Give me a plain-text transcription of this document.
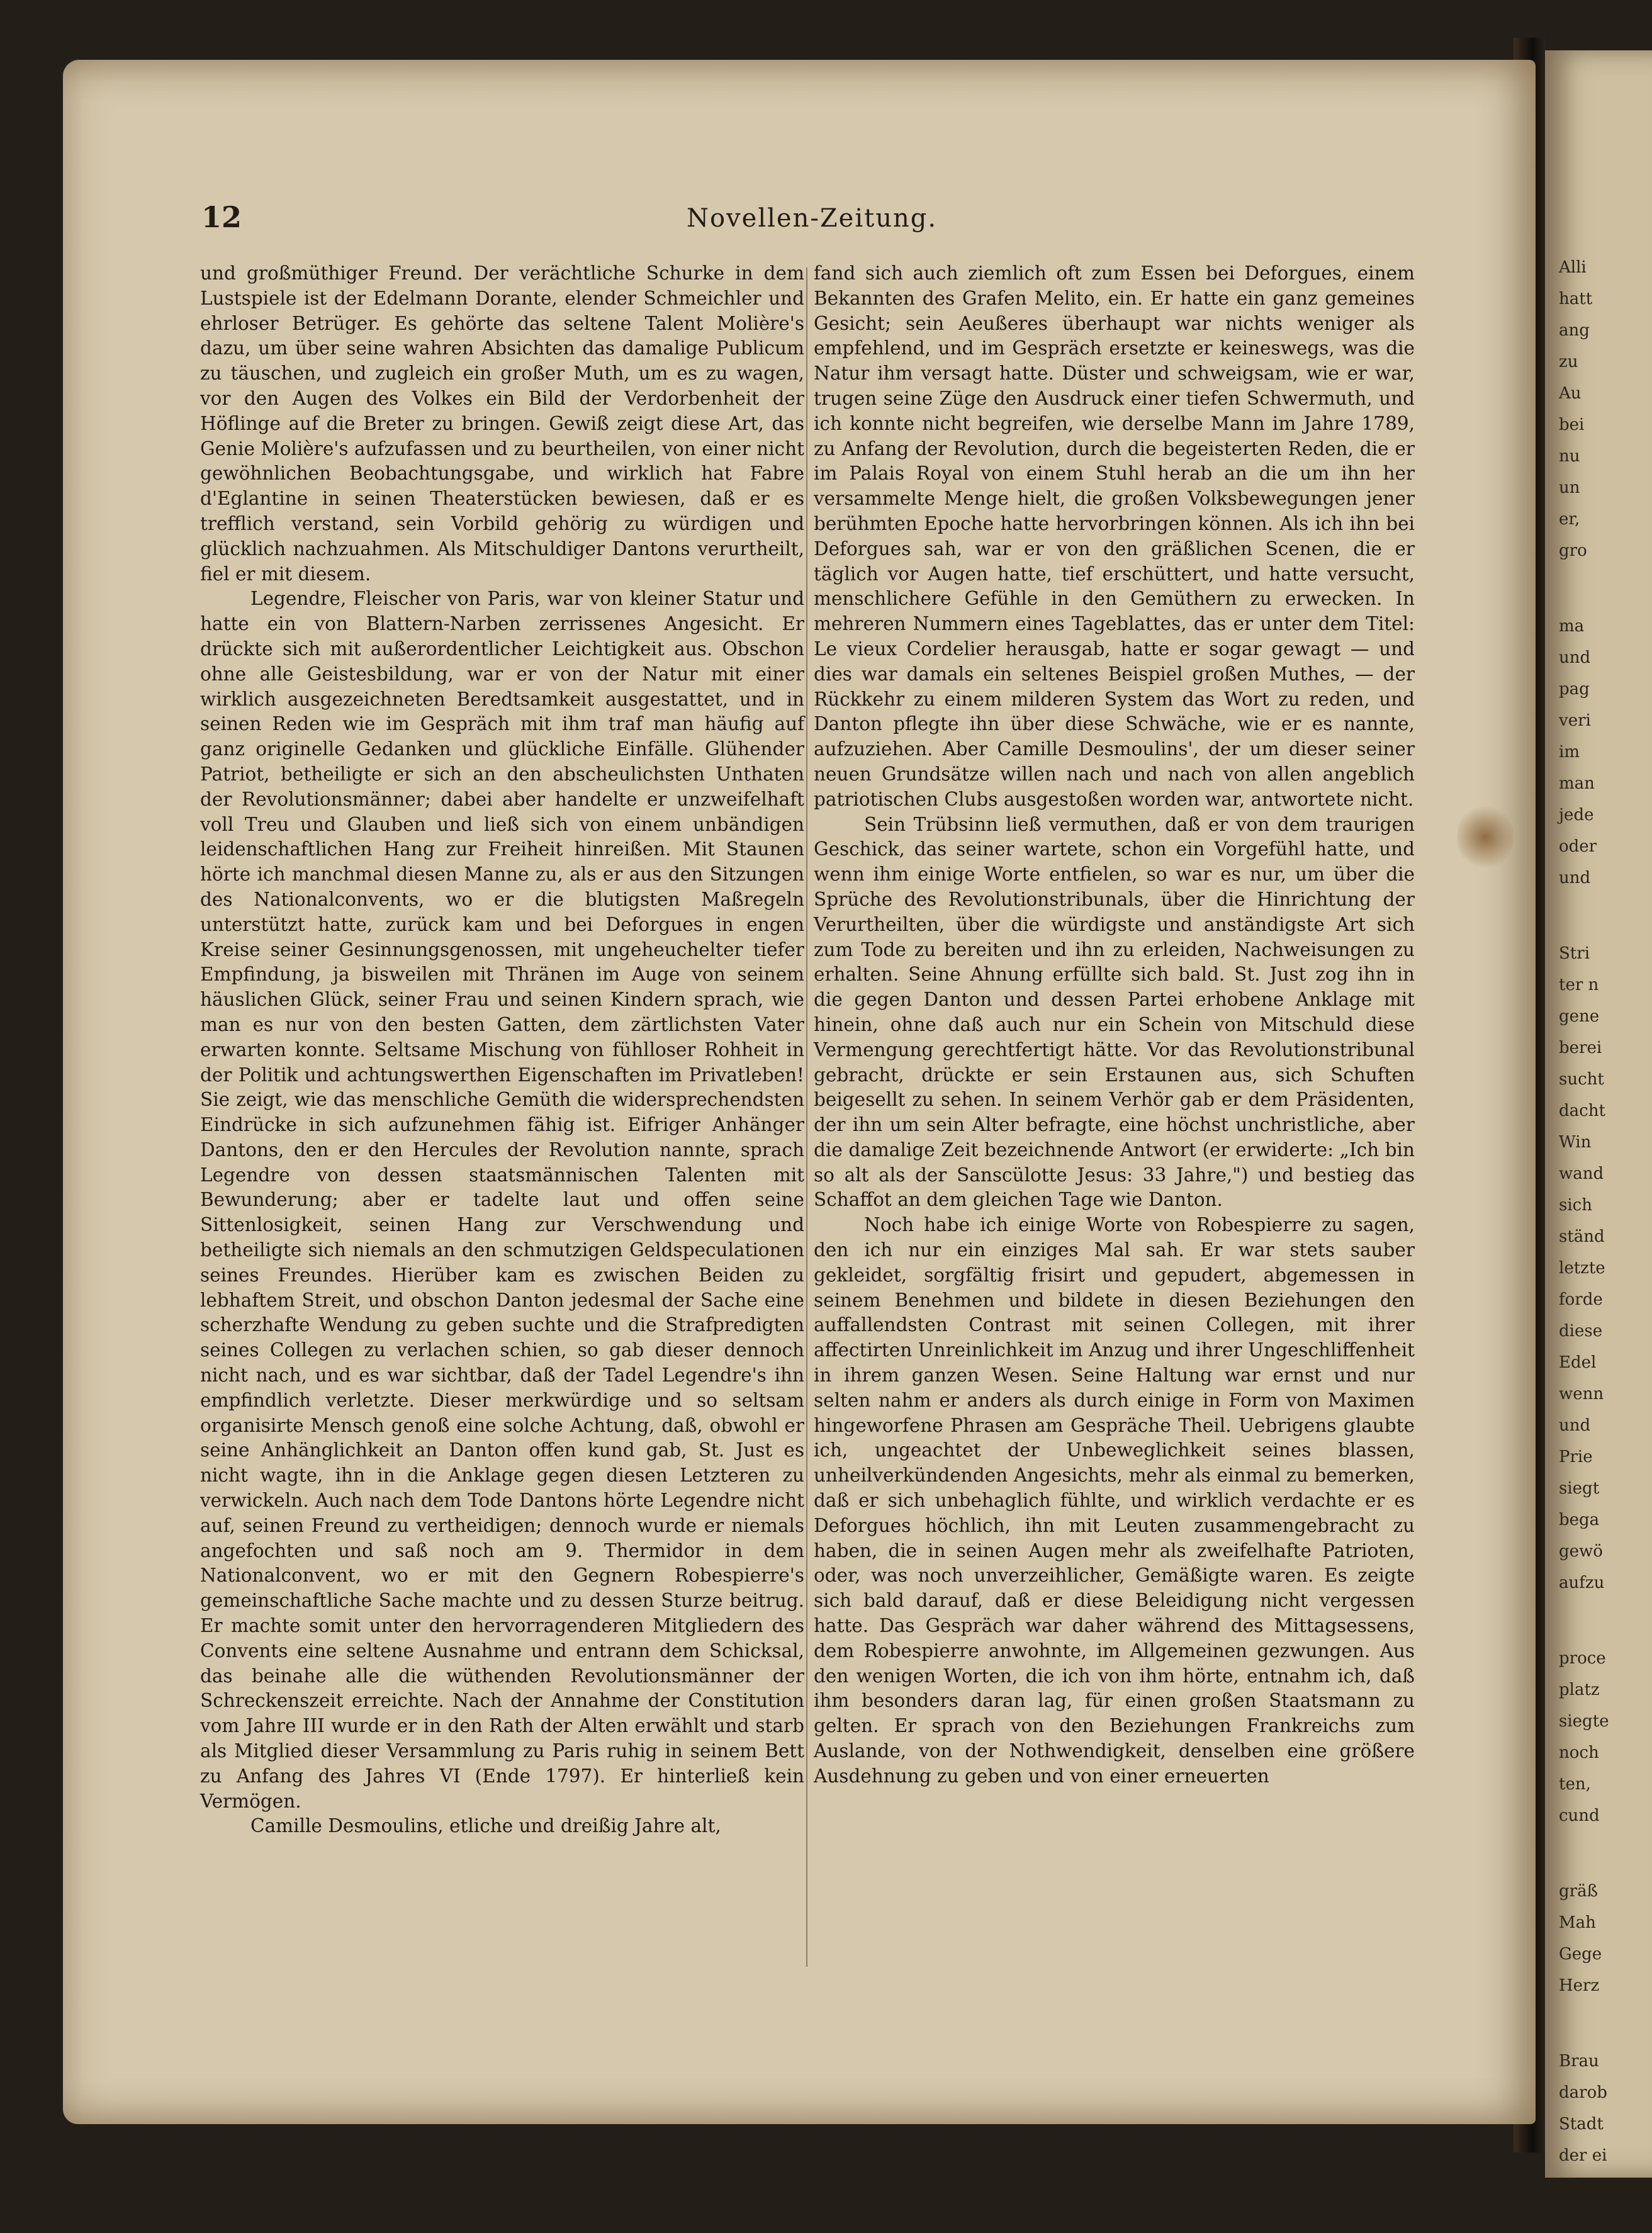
Alli
hatt
ang
zu
Au
bei
nu
un
er,
gro
ma
und
pag
veri
im
man
jede
oder
und
Stri
ter n
gene
berei
sucht
dacht
Win
wand
sich
ständ
letzte
forde
diese
Edel
wenn
und
Prie
siegt
bega
gewö
aufzu
proce
platz
siegte
noch
ten,
cund
gräß
Mah
Gege
Herz
Brau
darob
Stadt
der ei
12	Novellen-Zeitung.

und großmüthiger Freund. Der verächtliche Schurke in dem Lustspiele ist der Edelmann Dorante, elender Schmeichler und ehrloser Betrüger. Es gehörte das seltene Talent Molière's dazu, um über seine wahren Absichten das damalige Publicum zu täuschen, und zugleich ein großer Muth, um es zu wagen, vor den Augen des Volkes ein Bild der Verdorbenheit der Höflinge auf die Breter zu bringen. Gewiß zeigt diese Art, das Genie Molière's aufzufassen und zu beurtheilen, von einer nicht gewöhnlichen Beobachtungsgabe, und wirklich hat Fabre d'Eglantine in seinen Theaterstücken bewiesen, daß er es trefflich verstand, sein Vorbild gehörig zu würdigen und glücklich nachzuahmen. Als Mitschuldiger Dantons verurtheilt, fiel er mit diesem.

Legendre, Fleischer von Paris, war von kleiner Statur und hatte ein von Blattern-Narben zerrissenes Angesicht. Er drückte sich mit außerordentlicher Leichtigkeit aus. Obschon ohne alle Geistesbildung, war er von der Natur mit einer wirklich ausgezeichneten Beredtsamkeit ausgestattet, und in seinen Reden wie im Gespräch mit ihm traf man häufig auf ganz originelle Gedanken und glückliche Einfälle. Glühender Patriot, betheiligte er sich an den abscheulichsten Unthaten der Revolutionsmänner; dabei aber handelte er unzweifelhaft voll Treu und Glauben und ließ sich von einem unbändigen leidenschaftlichen Hang zur Freiheit hinreißen. Mit Staunen hörte ich manchmal diesen Manne zu, als er aus den Sitzungen des Nationalconvents, wo er die blutigsten Maßregeln unterstützt hatte, zurück kam und bei Deforgues in engen Kreise seiner Gesinnungsgenossen, mit ungeheuchelter tiefer Empfindung, ja bisweilen mit Thränen im Auge von seinem häuslichen Glück, seiner Frau und seinen Kindern sprach, wie man es nur von den besten Gatten, dem zärtlichsten Vater erwarten konnte. Seltsame Mischung von fühlloser Rohheit in der Politik und achtungswerthen Eigenschaften im Privatleben! Sie zeigt, wie das menschliche Gemüth die widersprechendsten Eindrücke in sich aufzunehmen fähig ist. Eifriger Anhänger Dantons, den er den Hercules der Revolution nannte, sprach Legendre von dessen staatsmännischen Talenten mit Bewunderung; aber er tadelte laut und offen seine Sittenlosigkeit, seinen Hang zur Verschwendung und betheiligte sich niemals an den schmutzigen Geldspeculationen seines Freundes. Hierüber kam es zwischen Beiden zu lebhaftem Streit, und obschon Danton jedesmal der Sache eine scherzhafte Wendung zu geben suchte und die Strafpredigten seines Collegen zu verlachen schien, so gab dieser dennoch nicht nach, und es war sichtbar, daß der Tadel Legendre's ihn empfindlich verletzte. Dieser merkwürdige und so seltsam organisirte Mensch genoß eine solche Achtung, daß, obwohl er seine Anhänglichkeit an Danton offen kund gab, St. Just es nicht wagte, ihn in die Anklage gegen diesen Letzteren zu verwickeln. Auch nach dem Tode Dantons hörte Legendre nicht auf, seinen Freund zu vertheidigen; dennoch wurde er niemals angefochten und saß noch am 9. Thermidor in dem Nationalconvent, wo er mit den Gegnern Robespierre's gemeinschaftliche Sache machte und zu dessen Sturze beitrug. Er machte somit unter den hervorragenderen Mitgliedern des Convents eine seltene Ausnahme und entrann dem Schicksal, das beinahe alle die wüthenden Revolutionsmänner der Schreckenszeit erreichte. Nach der Annahme der Constitution vom Jahre III wurde er in den Rath der Alten erwählt und starb als Mitglied dieser Versammlung zu Paris ruhig in seinem Bett zu Anfang des Jahres VI (Ende 1797). Er hinterließ kein Vermögen.

Camille Desmoulins, etliche und dreißig Jahre alt,

fand sich auch ziemlich oft zum Essen bei Deforgues, einem Bekannten des Grafen Melito, ein. Er hatte ein ganz gemeines Gesicht; sein Aeußeres überhaupt war nichts weniger als empfehlend, und im Gespräch ersetzte er keineswegs, was die Natur ihm versagt hatte. Düster und schweigsam, wie er war, trugen seine Züge den Ausdruck einer tiefen Schwermuth, und ich konnte nicht begreifen, wie derselbe Mann im Jahre 1789, zu Anfang der Revolution, durch die begeisterten Reden, die er im Palais Royal von einem Stuhl herab an die um ihn her versammelte Menge hielt, die großen Volksbewegungen jener berühmten Epoche hatte hervorbringen können. Als ich ihn bei Deforgues sah, war er von den gräßlichen Scenen, die er täglich vor Augen hatte, tief erschüttert, und hatte versucht, menschlichere Gefühle in den Gemüthern zu erwecken. In mehreren Nummern eines Tageblattes, das er unter dem Titel: Le vieux Cordelier herausgab, hatte er sogar gewagt — und dies war damals ein seltenes Beispiel großen Muthes, — der Rückkehr zu einem milderen System das Wort zu reden, und Danton pflegte ihn über diese Schwäche, wie er es nannte, aufzuziehen. Aber Camille Desmoulins', der um dieser seiner neuen Grundsätze willen nach und nach von allen angeblich patriotischen Clubs ausgestoßen worden war, antwortete nicht.

Sein Trübsinn ließ vermuthen, daß er von dem traurigen Geschick, das seiner wartete, schon ein Vorgefühl hatte, und wenn ihm einige Worte entfielen, so war es nur, um über die Sprüche des Revolutionstribunals, über die Hinrichtung der Verurtheilten, über die würdigste und anständigste Art sich zum Tode zu bereiten und ihn zu erleiden, Nachweisungen zu erhalten. Seine Ahnung erfüllte sich bald. St. Just zog ihn in die gegen Danton und dessen Partei erhobene Anklage mit hinein, ohne daß auch nur ein Schein von Mitschuld diese Vermengung gerechtfertigt hätte. Vor das Revolutionstribunal gebracht, drückte er sein Erstaunen aus, sich Schuften beigesellt zu sehen. In seinem Verhör gab er dem Präsidenten, der ihn um sein Alter befragte, eine höchst unchristliche, aber die damalige Zeit bezeichnende Antwort (er erwiderte: „Ich bin so alt als der Sanscülotte Jesus: 33 Jahre,") und bestieg das Schaffot an dem gleichen Tage wie Danton.

Noch habe ich einige Worte von Robespierre zu sagen, den ich nur ein einziges Mal sah. Er war stets sauber gekleidet, sorgfältig frisirt und gepudert, abgemessen in seinem Benehmen und bildete in diesen Beziehungen den auffallendsten Contrast mit seinen Collegen, mit ihrer affectirten Unreinlichkeit im Anzug und ihrer Ungeschliffenheit in ihrem ganzen Wesen. Seine Haltung war ernst und nur selten nahm er anders als durch einige in Form von Maximen hingeworfene Phrasen am Gespräche Theil. Uebrigens glaubte ich, ungeachtet der Unbeweglichkeit seines blassen, unheilverkündenden Angesichts, mehr als einmal zu bemerken, daß er sich unbehaglich fühlte, und wirklich verdachte er es Deforgues höchlich, ihn mit Leuten zusammengebracht zu haben, die in seinen Augen mehr als zweifelhafte Patrioten, oder, was noch unverzeihlicher, Gemäßigte waren. Es zeigte sich bald darauf, daß er diese Beleidigung nicht vergessen hatte. Das Gespräch war daher während des Mittagsessens, dem Robespierre anwohnte, im Allgemeinen gezwungen. Aus den wenigen Worten, die ich von ihm hörte, entnahm ich, daß ihm besonders daran lag, für einen großen Staatsmann zu gelten. Er sprach von den Beziehungen Frankreichs zum Auslande, von der Nothwendigkeit, denselben eine größere Ausdehnung zu geben und von einer erneuerten
